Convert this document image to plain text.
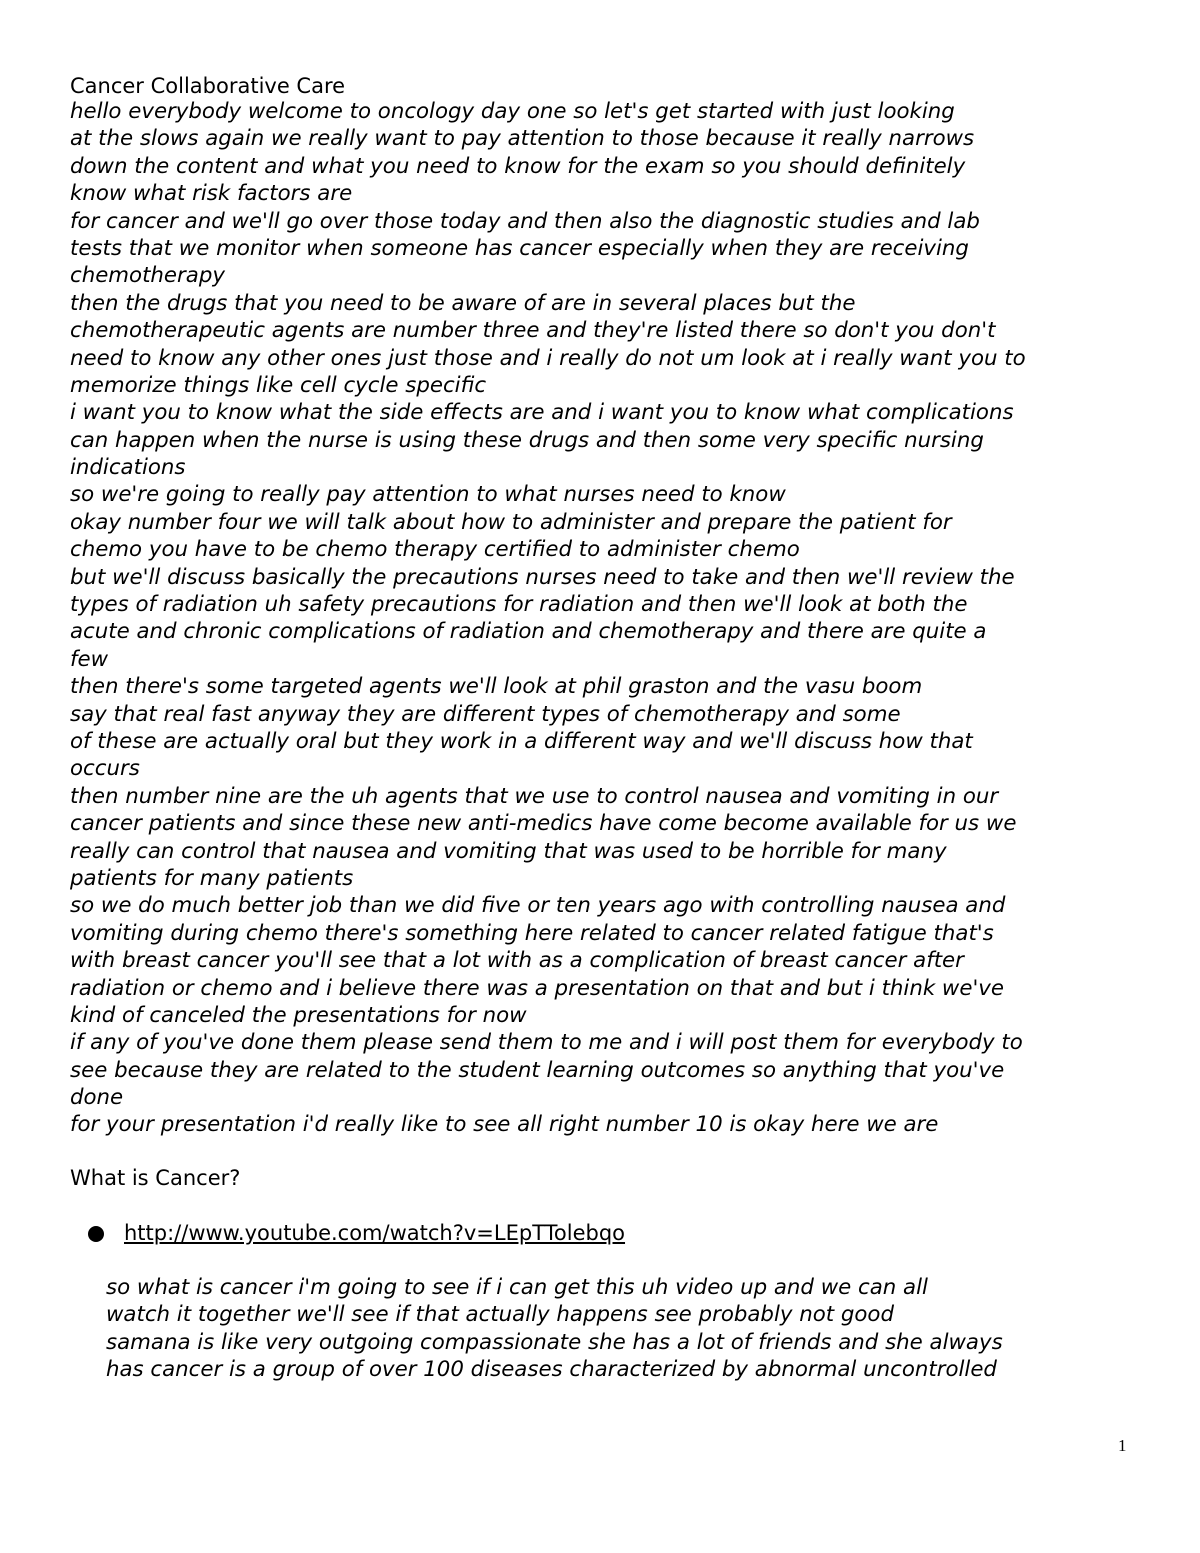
Cancer Collaborative Care
hello everybody welcome to oncology day one so let's get started with just looking
at the slows again we really want to pay attention to those because it really narrows
down the content and what you need to know for the exam so you should definitely
know what risk factors are
for cancer and we'll go over those today and then also the diagnostic studies and lab
tests that we monitor when someone has cancer especially when they are receiving
chemotherapy
then the drugs that you need to be aware of are in several places but the
chemotherapeutic agents are number three and they're listed there so don't you don't
need to know any other ones just those and i really do not um look at i really want you to
memorize things like cell cycle specific
i want you to know what the side effects are and i want you to know what complications
can happen when the nurse is using these drugs and then some very specific nursing
indications
so we're going to really pay attention to what nurses need to know
okay number four we will talk about how to administer and prepare the patient for
chemo you have to be chemo therapy certified to administer chemo
but we'll discuss basically the precautions nurses need to take and then we'll review the
types of radiation uh safety precautions for radiation and then we'll look at both the
acute and chronic complications of radiation and chemotherapy and there are quite a
few
then there's some targeted agents we'll look at phil graston and the vasu boom
say that real fast anyway they are different types of chemotherapy and some
of these are actually oral but they work in a different way and we'll discuss how that
occurs
then number nine are the uh agents that we use to control nausea and vomiting in our
cancer patients and since these new anti-medics have come become available for us we
really can control that nausea and vomiting that was used to be horrible for many
patients for many patients
so we do much better job than we did five or ten years ago with controlling nausea and
vomiting during chemo there's something here related to cancer related fatigue that's
with breast cancer you'll see that a lot with as a complication of breast cancer after
radiation or chemo and i believe there was a presentation on that and but i think we've
kind of canceled the presentations for now
if any of you've done them please send them to me and i will post them for everybody to
see because they are related to the student learning outcomes so anything that you've
done
for your presentation i'd really like to see all right number 10 is okay here we are
What is Cancer?
http://www.youtube.com/watch?v=LEpTTolebqo
so what is cancer i'm going to see if i can get this uh video up and we can all
watch it together we'll see if that actually happens see probably not good
samana is like very outgoing compassionate she has a lot of friends and she always
has cancer is a group of over 100 diseases characterized by abnormal uncontrolled
1
